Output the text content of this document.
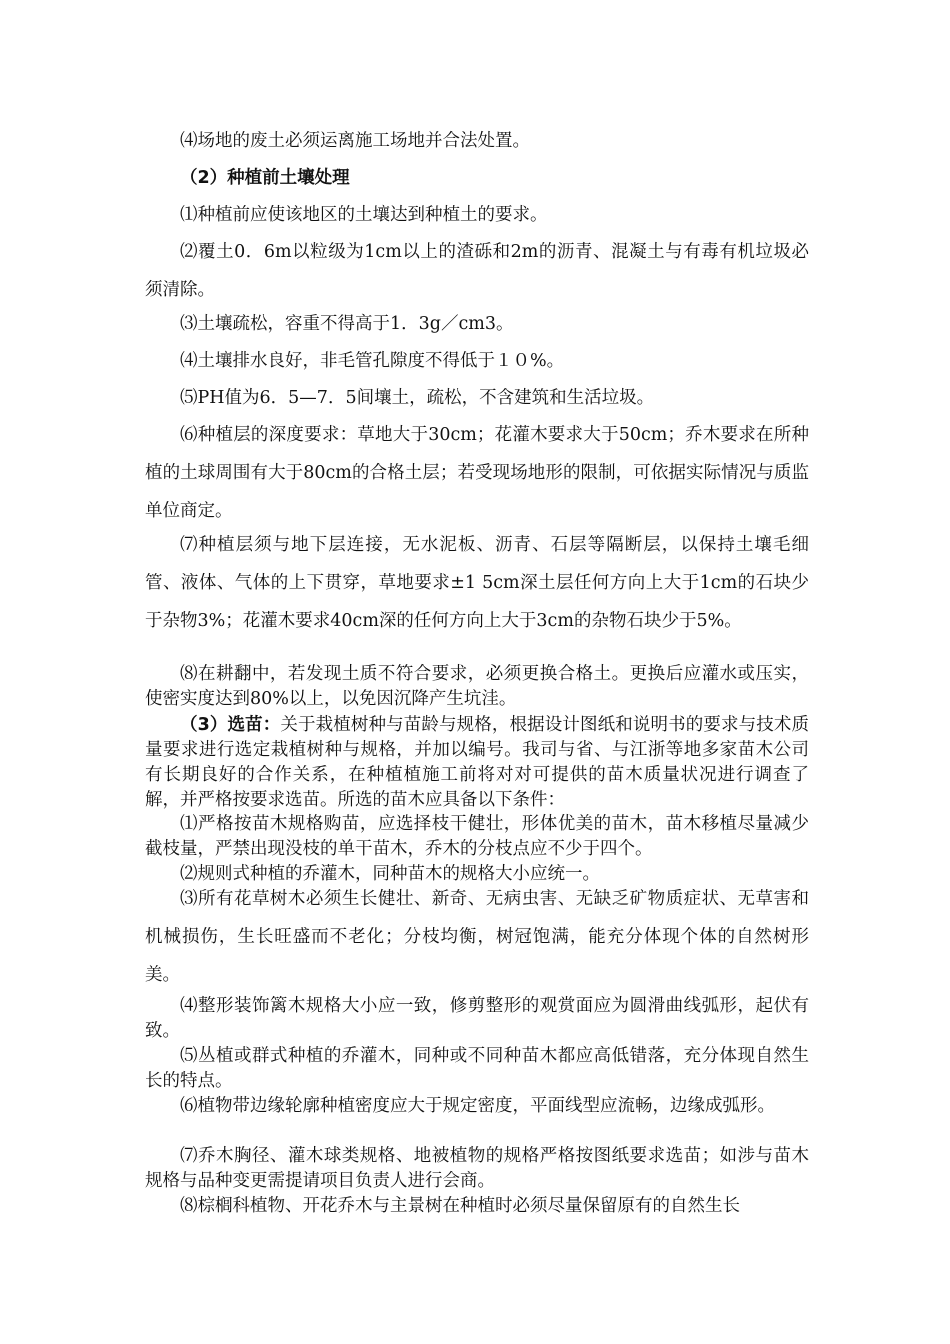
⑷场地的废土必须运离施工场地并合法处置。

（2）种植前土壤处理

⑴种植前应使该地区的土壤达到种植土的要求。

⑵覆土0．6m以粒级为1cm以上的渣砾和2m的沥青、混凝土与有毒有机垃圾必须清除。

⑶土壤疏松，容重不得高于1．3g／cm3。

⑷土壤排水良好，非毛管孔隙度不得低于１０%。

⑸PH值为6．5—7．5间壤土，疏松，不含建筑和生活垃圾。

⑹种植层的深度要求：草地大于30cm；花灌木要求大于50cm；乔木要求在所种植的土球周围有大于80cm的合格土层；若受现场地形的限制，可依据实际情况与质监单位商定。

⑺种植层须与地下层连接，无水泥板、沥青、石层等隔断层，以保持土壤毛细管、液体、气体的上下贯穿，草地要求±1 5cm深土层任何方向上大于1cm的石块少于杂物3%；花灌木要求40cm深的任何方向上大于3cm的杂物石块少于5%。

⑻在耕翻中，若发现土质不符合要求，必须更换合格土。更换后应灌水或压实，使密实度达到80%以上，以免因沉降产生坑洼。

（3）选苗：关于栽植树种与苗龄与规格，根据设计图纸和说明书的要求与技术质量要求进行选定栽植树种与规格，并加以编号。我司与省、与江浙等地多家苗木公司有长期良好的合作关系，在种植植施工前将对对可提供的苗木质量状况进行调查了解，并严格按要求选苗。所选的苗木应具备以下条件：

⑴严格按苗木规格购苗，应选择枝干健壮，形体优美的苗木，苗木移植尽量减少截枝量，严禁出现没枝的单干苗木，乔木的分枝点应不少于四个。

⑵规则式种植的乔灌木，同种苗木的规格大小应统一。

⑶所有花草树木必须生长健壮、新奇、无病虫害、无缺乏矿物质症状、无草害和机械损伤，生长旺盛而不老化；分枝均衡，树冠饱满，能充分体现个体的自然树形美。

⑷整形装饰篱木规格大小应一致，修剪整形的观赏面应为圆滑曲线弧形，起伏有致。

⑸丛植或群式种植的乔灌木，同种或不同种苗木都应高低错落，充分体现自然生长的特点。

⑹植物带边缘轮廓种植密度应大于规定密度，平面线型应流畅，边缘成弧形。

⑺乔木胸径、灌木球类规格、地被植物的规格严格按图纸要求选苗；如涉与苗木规格与品种变更需提请项目负责人进行会商。

⑻棕榈科植物、开花乔木与主景树在种植时必须尽量保留原有的自然生长
